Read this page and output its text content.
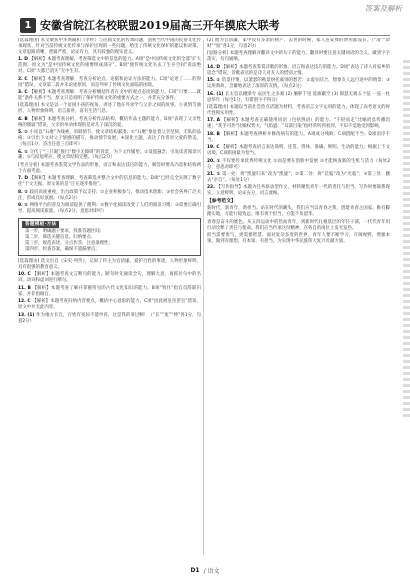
答案及解析
1 安徽省皖江名校联盟2019届高三开年摸底大联考
[选篇理由] 本文聚焦中华典籍和《孝经》与民间文化的传承问题，剖析当代中国的民俗文化传承现状，针对当前传统文化传承与保护出现的一些问题，给出了传统文化保护的建议和对策。文章思路清晰，逻辑严密，论证有力，具有较强的现实意义。
1. D 【解析】本题考查理解，考查筛选文中的信息的能力。A项“是中国传统文化的全部”扩大范围，原文为“是中国传统文化的重要组成部分”。B项“使传统文化失去了生存空间”说法绝对。C项“大都已消失”无中生有。
2. C 【解析】本题考查理解，考查分析论点、论据和论证方法的能力。C项“论述了……的原因”错误，文章第二段并未论述原因，而是列举了传统文化面临的困境。
3. C 【解析】本题考查理解，考查分析概括作者在文中的观点态度的能力。C项“只要……就能”条件关系不当，原文只是说明了保护传统文化的重要方式之一，并非充分条件。
[选篇理由] 本文是以一个贫困小孩的视角，讲述了他在外求学与父亲之间的故事。小说情节曲折，人物形象鲜明，语言质朴，富有生活气息。
4. B 【解析】本题考查分析，考查分析作品结构，概括作品主题的能力。B项“表现了父亲性格的懦弱”错误，父亲的举动体现的是对儿子深沉的爱。
5. ① 小说以“石磨”为线索，串联情节，使文章结构紧凑；②“石磨”象征着父亲坚韧、无私的品格；③引出下文对父子情感的描写，推动情节发展；④深化主题，表达了作者对父爱的赞美。（每点1分，答出任意三点即可）
6. ① 交代了“三只眼”推行“数字无障碍”的背景，为下文作铺垫；②设置悬念，引发读者阅读兴趣；③与结尾呼应，使文章结构完整。（每点2分）
[考点分析] 本题考查鉴赏文学作品的形象、语言和表达技巧的能力。解答时要从内容和结构两个方面考虑。
7. D 【解析】本题考查理解，考查筛选并整合文中的信息的能力。D项“已经完全实现了数字化”于文无据，原文说的是“正在逐步推进”。
8. ① 政府高度重视，出台政策予以支持；②企业积极参与，推动技术创新；③社会各界广泛关注，形成良好氛围。（每点2分）
9. ① 网络平台的普及为阅读提供了便利；②数字化阅读改变了人们的阅读习惯；③需要正确引导，提高阅读质量。（每点2分，意思对即可）
答题模板·方法
第一步，明确题干要求，找准答题区间；
第二步，筛选关键信息，归纳要点；
第三步，规范表述，分点作答，注意条理性；
第四步，检查答案，确保不遗漏要点。
[选篇理由] 选文出自《宋史·列传》，记叙了传主为官清廉、爱护百姓的事迹，人物形象鲜明，具有很强的教育意义。
10. C 【解析】本题考查文言断句的能力。断句时先通读全句，理解大意，再抓住句中的名词、动词和虚词进行断句。
11. B 【解析】本题考查了解并掌握常见的古代文化知识的能力。B项“致仕”指官员辞职归家，并非指做官。
12. C 【解析】本题考查归纳内容要点，概括中心意思的能力。C项“因此被皇帝罢官”错误，原文中并无此内容。
13. (1) 作为地方长官，百姓有冤屈不能申诉，这是我的罪过啊！（“长”“冤”“伸”各1分，句意2分）
(2) 他为官清廉，家中没有多余的财产，去世的时候，家人连安葬的费用都没有。（“清”“余财”“殁”各1分，句意2分）
[思路分析] 本题考查理解并翻译文中的句子的能力。翻译时要注意关键词语的含义，做到字字落实，句句通顺。
14. D 【解析】本题考查鉴赏诗歌的形象、语言和表达技巧的能力。D项“表达了诗人对家乡的思念”错误，诗歌表达的是诗人对友人的惜别之情。
15. ① 借景抒情，以萧瑟的秋景烘托离别的愁苦；②虚实结合，想象友人远行途中的情景；③运用典故，含蓄地表达了深厚的友情。（每点2分）
16. (1) 长太息以掩涕兮 哀民生之多艰 (2) 舳舻千里 旌旗蔽空 (3) 锦瑟无端五十弦 一弦一柱思华年（每空1分，有错别字不得分）
[选篇理由] 本题以当前社会热点话题为材料，考查语言文字运用的能力，体现了高考语文的时代性和实用性。
17. A 【解析】本题考查正确使用词语（包括熟语）的能力。“不胫而走”比喻消息传播迅速；“炙手可热”比喻权势大，气焰盛；“耳濡目染”指经常听到看到，不知不觉地受到影响。
18. B 【解析】本题考查辨析并修改病句的能力。A项成分残缺；C项搭配不当；D项语序不当。
19. C 【解析】本题考查语言表达简明、连贯、得体，准确、鲜明、生动的能力。根据上下文语境，C项衔接最为恰当。
20. ① 不仅要传承优秀传统文化 ②而是要在创新中发展 ③才能焕发新的生机与活力（每处2分，意思对即可）
21. ① 第一处：将“凯旋归来”改为“凯旋”；②第二处：将“莅临”改为“光临”；③第三处：删去“亲自”。（每处1分）
22. 【写作指导】本题为任务驱动型作文，材料聚焦青年一代的责任与担当。写作时要联系现实，立意鲜明，论证充分，语言流畅。
【参考范文】
新时代，新青年，新担当。站在时代的潮头，我们应当以青春之我，创建青春之国家。唯有脚踏实地，方能行稳致远；唯有勇于担当，方能不负韶华。
青春是奋斗的底色。从五四运动中的热血青年，到新时代扎根基层的年轻干部，一代代青年用行动诠释了责任与使命。我们应当传承这份精神，在各自的岗位上发光发热。
担当需要勇气，更需要智慧。面对复杂多变的世界，青年人要不断学习，开阔视野，增强本领，做到有理想、有本领、有担当，为实现中华民族伟大复兴贡献力量。
D1 / 语文
